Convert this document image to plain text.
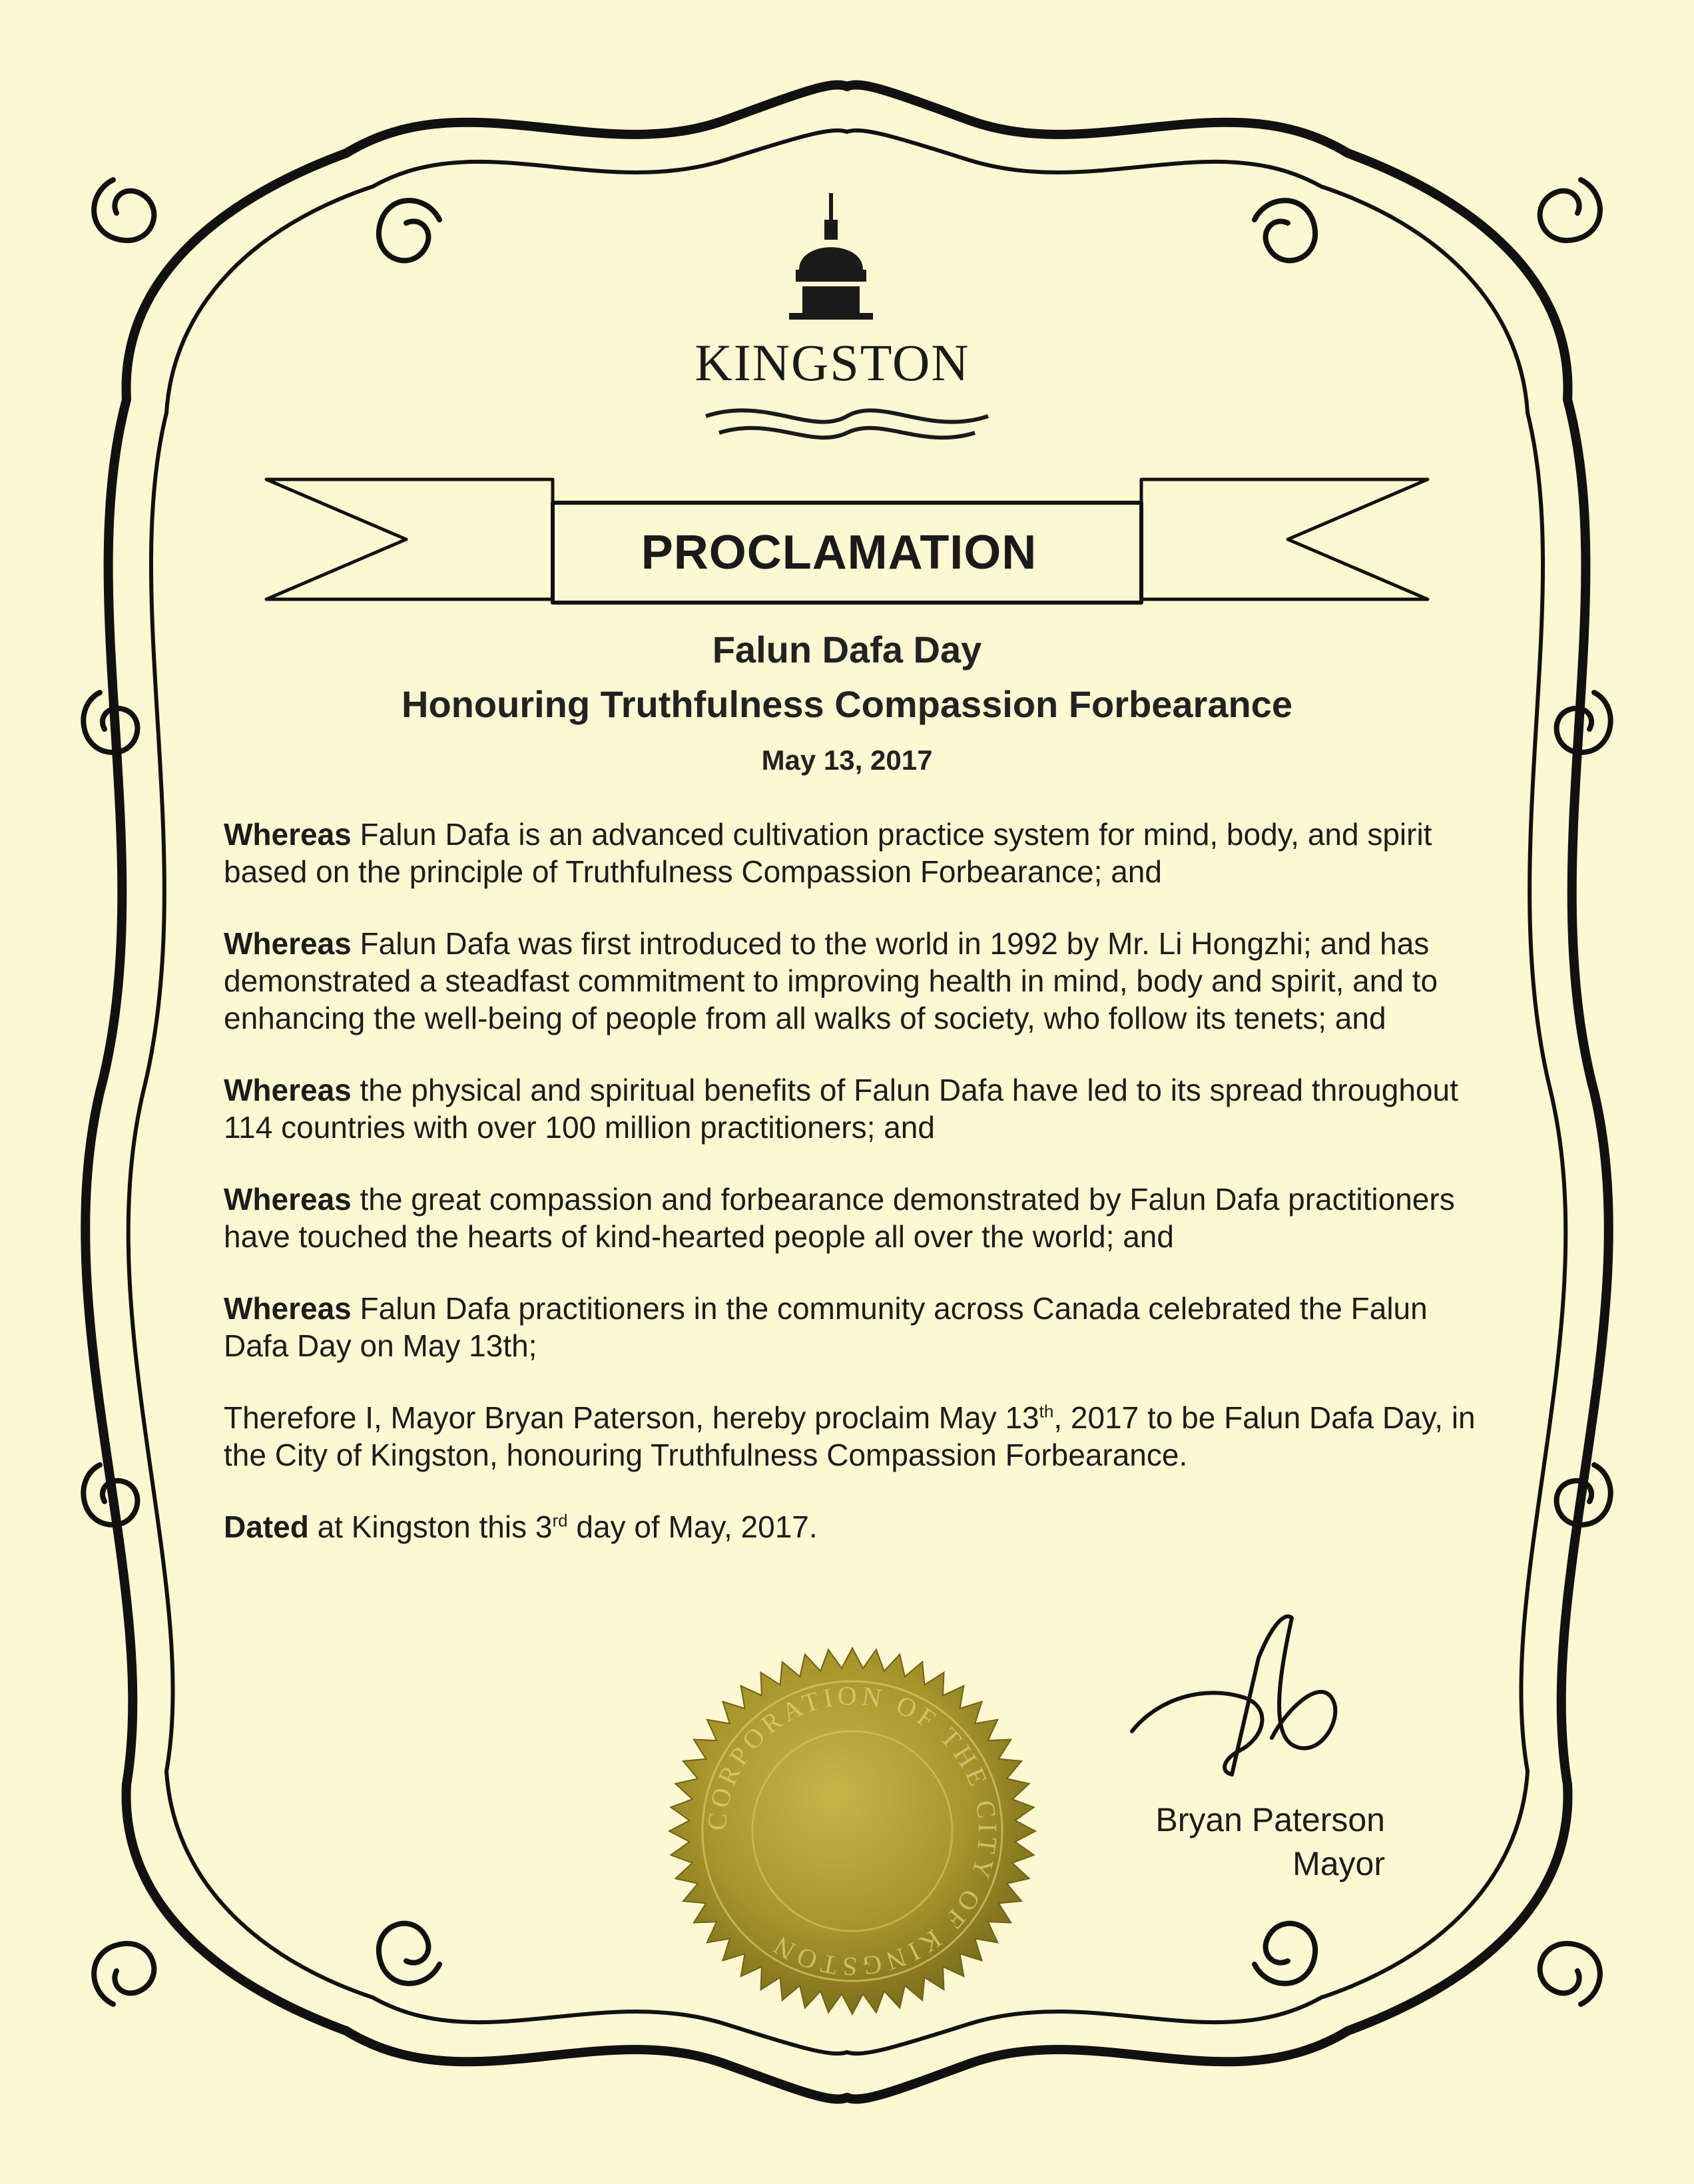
KINGSTON
PROCLAMATION
Falun Dafa Day
Honouring Truthfulness Compassion Forbearance
May 13, 2017

Whereas Falun Dafa is an advanced cultivation practice system for mind, body, and spirit based on the principle of Truthfulness Compassion Forbearance; and

Whereas Falun Dafa was first introduced to the world in 1992 by Mr. Li Hongzhi; and has demonstrated a steadfast commitment to improving health in mind, body and spirit, and to enhancing the well-being of people from all walks of society, who follow its tenets; and

Whereas the physical and spiritual benefits of Falun Dafa have led to its spread throughout 114 countries with over 100 million practitioners; and

Whereas the great compassion and forbearance demonstrated by Falun Dafa practitioners have touched the hearts of kind-hearted people all over the world; and

Whereas Falun Dafa practitioners in the community across Canada celebrated the Falun Dafa Day on May 13th;

Therefore I, Mayor Bryan Paterson, hereby proclaim May 13th, 2017 to be Falun Dafa Day, in the City of Kingston, honouring Truthfulness Compassion Forbearance.

Dated at Kingston this 3rd day of May, 2017.

CORPORATION OF THE CITY OF KINGSTON
Bryan Paterson
Mayor
